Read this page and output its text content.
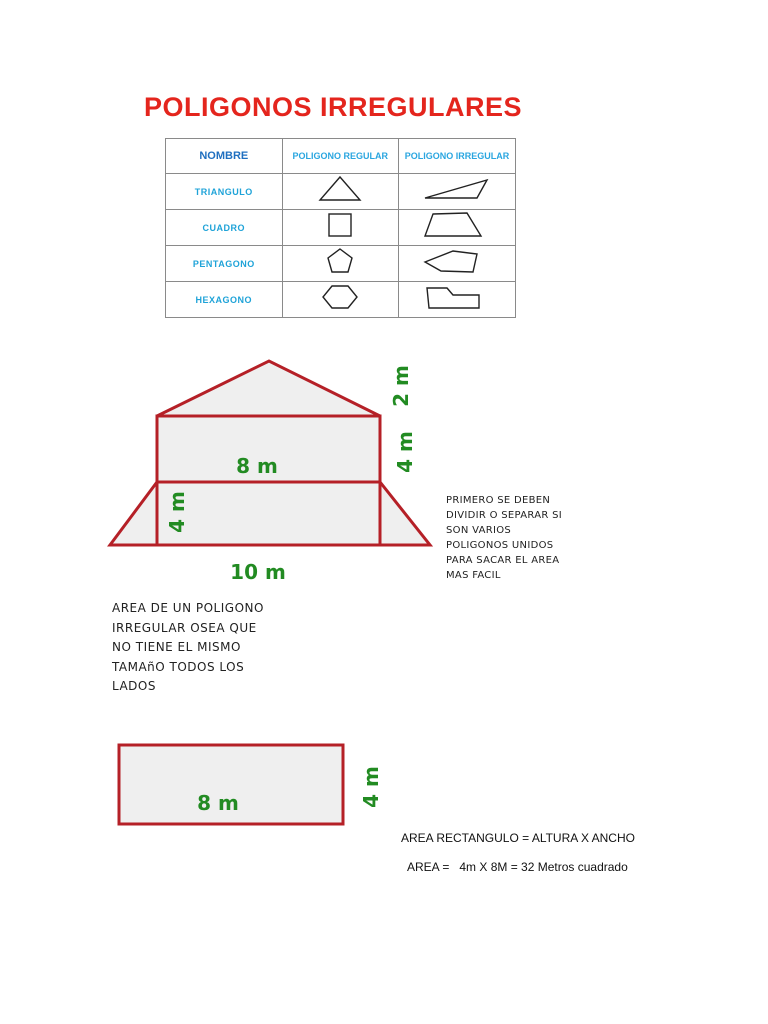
POLIGONOS IRREGULARES
NOMBRE	POLIGONO REGULAR	POLIGONO IRREGULAR
TRIANGULO		
CUADRO		
PENTAGONO		
HEXAGONO		
2 m
8 m	4 m
4 m
10 m
8 m	4 m
PRIMERO SE DEBEN
DIVIDIR O SEPARAR SI
SON VARIOS
POLIGONOS UNIDOS
PARA SACAR EL AREA
MAS FACIL
AREA DE UN POLIGONO
IRREGULAR OSEA QUE
NO TIENE EL MISMO
TAMAñO TODOS LOS
LADOS
AREA RECTANGULO = ALTURA X ANCHO
AREA =   4m X 8M = 32 Metros cuadrado
